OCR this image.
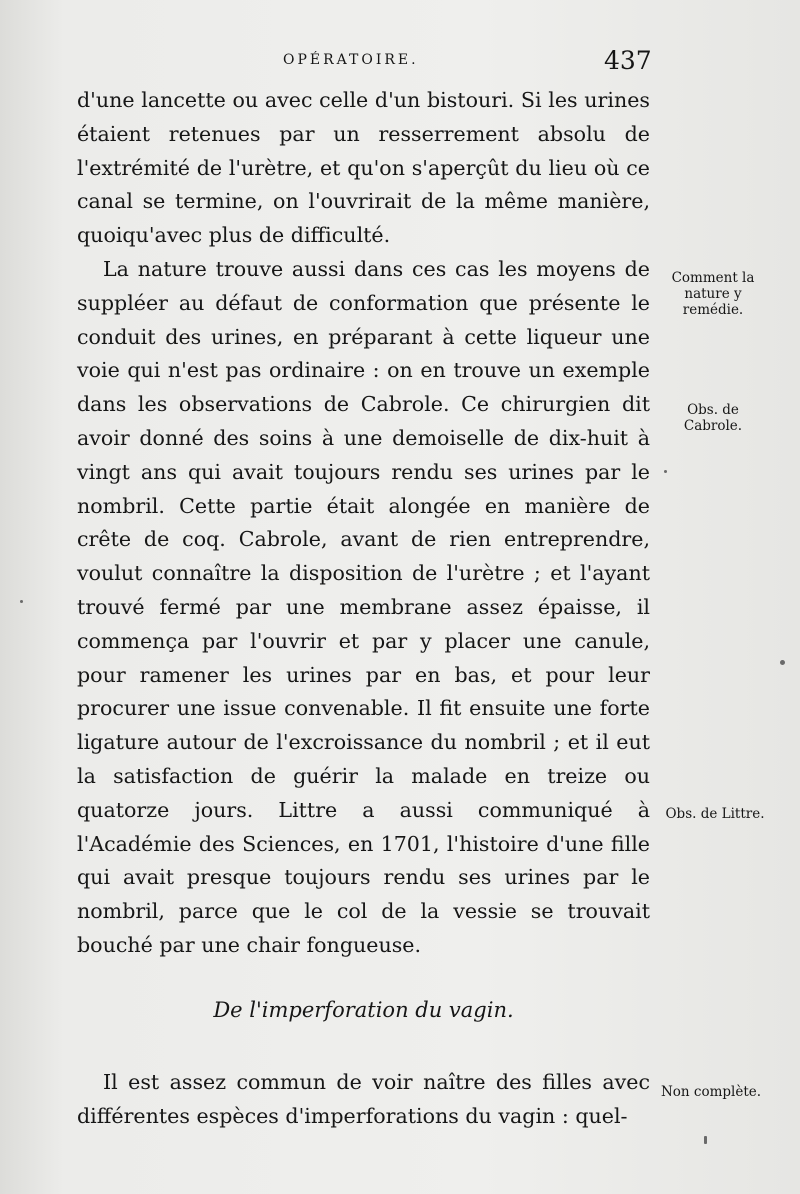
OPÉRATOIRE.	437

d'une lancette ou avec celle d'un bistouri. Si les urines étaient retenues par un resserrement absolu de l'extrémité de l'urètre, et qu'on s'aperçût du lieu où ce canal se termine, on l'ouvrirait de la même manière, quoiqu'avec plus de difficulté.

La nature trouve aussi dans ces cas les moyens de suppléer au défaut de conformation que présente le conduit des urines, en préparant à cette liqueur une voie qui n'est pas ordinaire : on en trouve un exemple dans les observations de Cabrole. Ce chirurgien dit avoir donné des soins à une demoiselle de dix-huit à vingt ans qui avait toujours rendu ses urines par le nombril. Cette partie était alongée en manière de crête de coq. Cabrole, avant de rien entreprendre, voulut connaître la disposition de l'urètre ; et l'ayant trouvé fermé par une membrane assez épaisse, il commença par l'ouvrir et par y placer une canule, pour ramener les urines par en bas, et pour leur procurer une issue convenable. Il fit ensuite une forte ligature autour de l'excroissance du nombril ; et il eut la satisfaction de guérir la malade en treize ou quatorze jours. Littre a aussi communiqué à l'Académie des Sciences, en 1701, l'histoire d'une fille qui avait presque toujours rendu ses urines par le nombril, parce que le col de la vessie se trouvait bouché par une chair fongueuse.

De l'imperforation du vagin.
Il est assez commun de voir naître des filles avec différentes espèces d'imperforations du vagin : quel-
Comment la nature y remédie.
Obs. de Cabrole.
Obs. de Littre.
Non complète.
